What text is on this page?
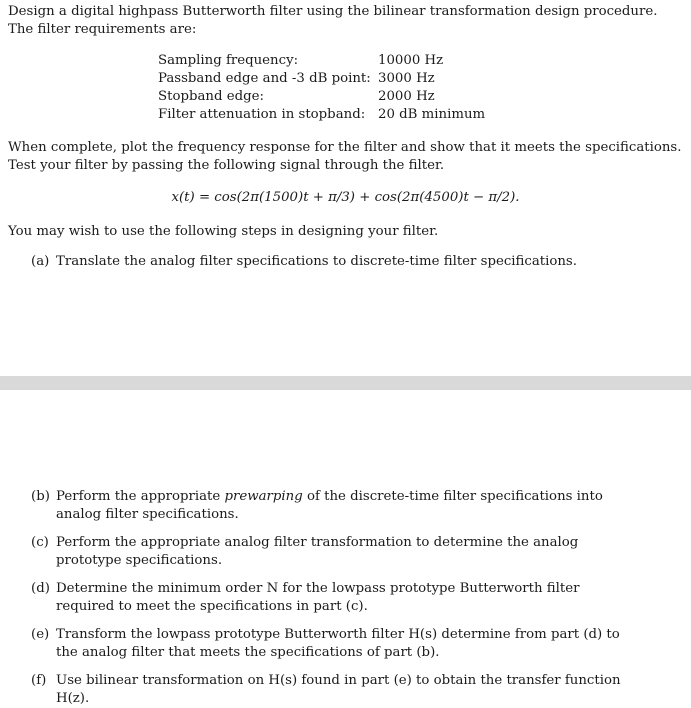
Design a digital highpass Butterworth filter using the bilinear transformation design procedure.
The filter requirements are:
Sampling frequency:	10000 Hz
Passband edge and -3 dB point: 3000 Hz
Stopband edge:	2000 Hz
Filter attenuation in stopband: 20 dB minimum
When complete, plot the frequency response for the filter and show that it meets the specifications.
Test your filter by passing the following signal through the filter.
x(t) = cos(2π(1500)t + π/3) + cos(2π(4500)t − π/2).
You may wish to use the following steps in designing your filter.
(a) Translate the analog filter specifications to discrete-time filter specifications.
(b) Perform the appropriate prewarping of the discrete-time filter specifications into analog filter specifications.
(c) Perform the appropriate analog filter transformation to determine the analog prototype specifications.
(d) Determine the minimum order N for the lowpass prototype Butterworth filter required to meet the specifications in part (c).
(e) Transform the lowpass prototype Butterworth filter H(s) determine from part (d) to the analog filter that meets the specifications of part (b).
(f) Use bilinear transformation on H(s) found in part (e) to obtain the transfer function H(z).
